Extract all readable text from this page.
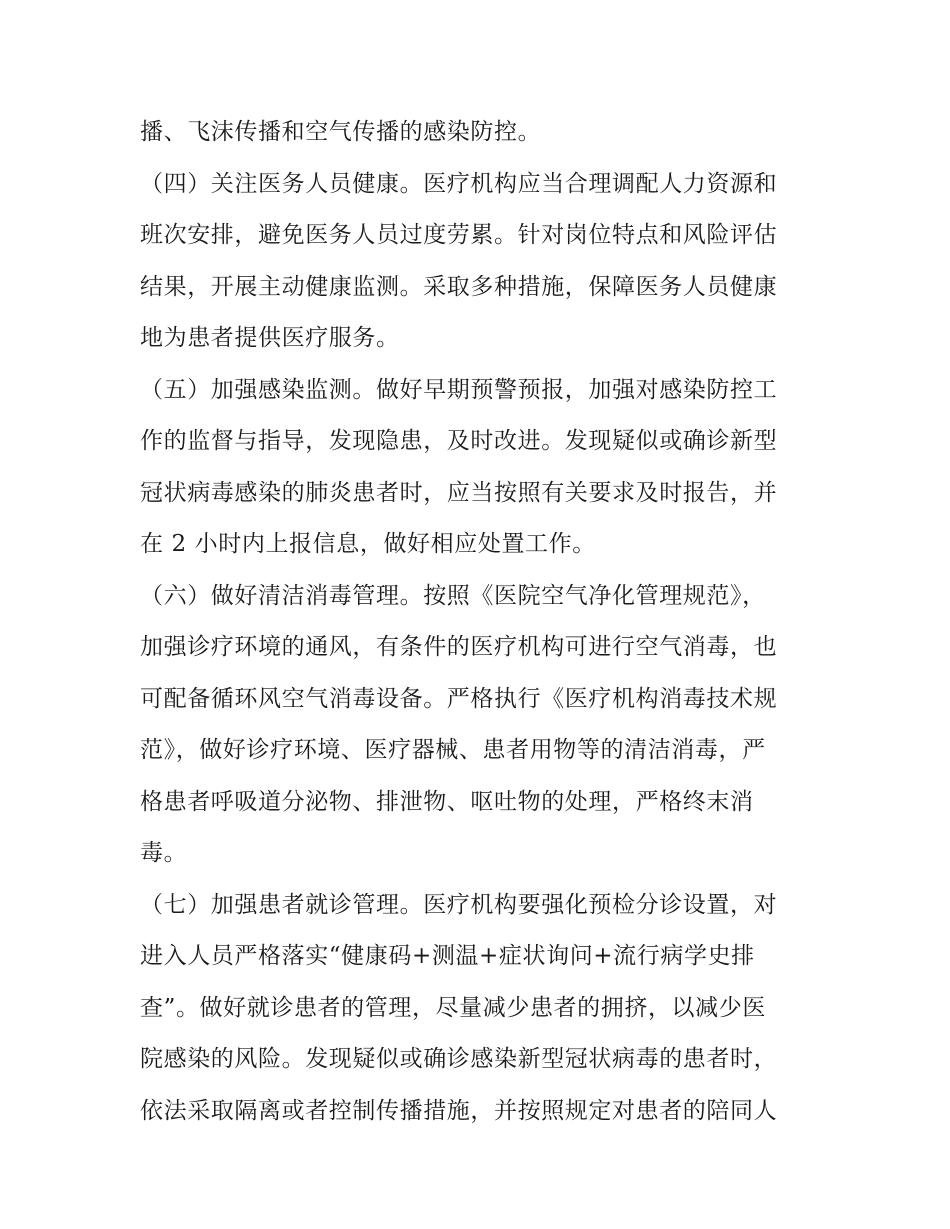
播、飞沫传播和空气传播的感染防控。
（四）关注医务人员健康。医疗机构应当合理调配人力资源和
班次安排，避免医务人员过度劳累。针对岗位特点和风险评估
结果，开展主动健康监测。采取多种措施，保障医务人员健康
地为患者提供医疗服务。
（五）加强感染监测。做好早期预警预报，加强对感染防控工
作的监督与指导，发现隐患，及时改进。发现疑似或确诊新型
冠状病毒感染的肺炎患者时，应当按照有关要求及时报告，并
在 2 小时内上报信息，做好相应处置工作。
（六）做好清洁消毒管理。按照《医院空气净化管理规范》，
加强诊疗环境的通风，有条件的医疗机构可进行空气消毒，也
可配备循环风空气消毒设备。严格执行《医疗机构消毒技术规
范》，做好诊疗环境、医疗器械、患者用物等的清洁消毒，严
格患者呼吸道分泌物、排泄物、呕吐物的处理，严格终末消
毒。
（七）加强患者就诊管理。医疗机构要强化预检分诊设置，对
进入人员严格落实“健康码+测温+症状询问+流行病学史排
查”。做好就诊患者的管理，尽量减少患者的拥挤，以减少医
院感染的风险。发现疑似或确诊感染新型冠状病毒的患者时，
依法采取隔离或者控制传播措施，并按照规定对患者的陪同人
